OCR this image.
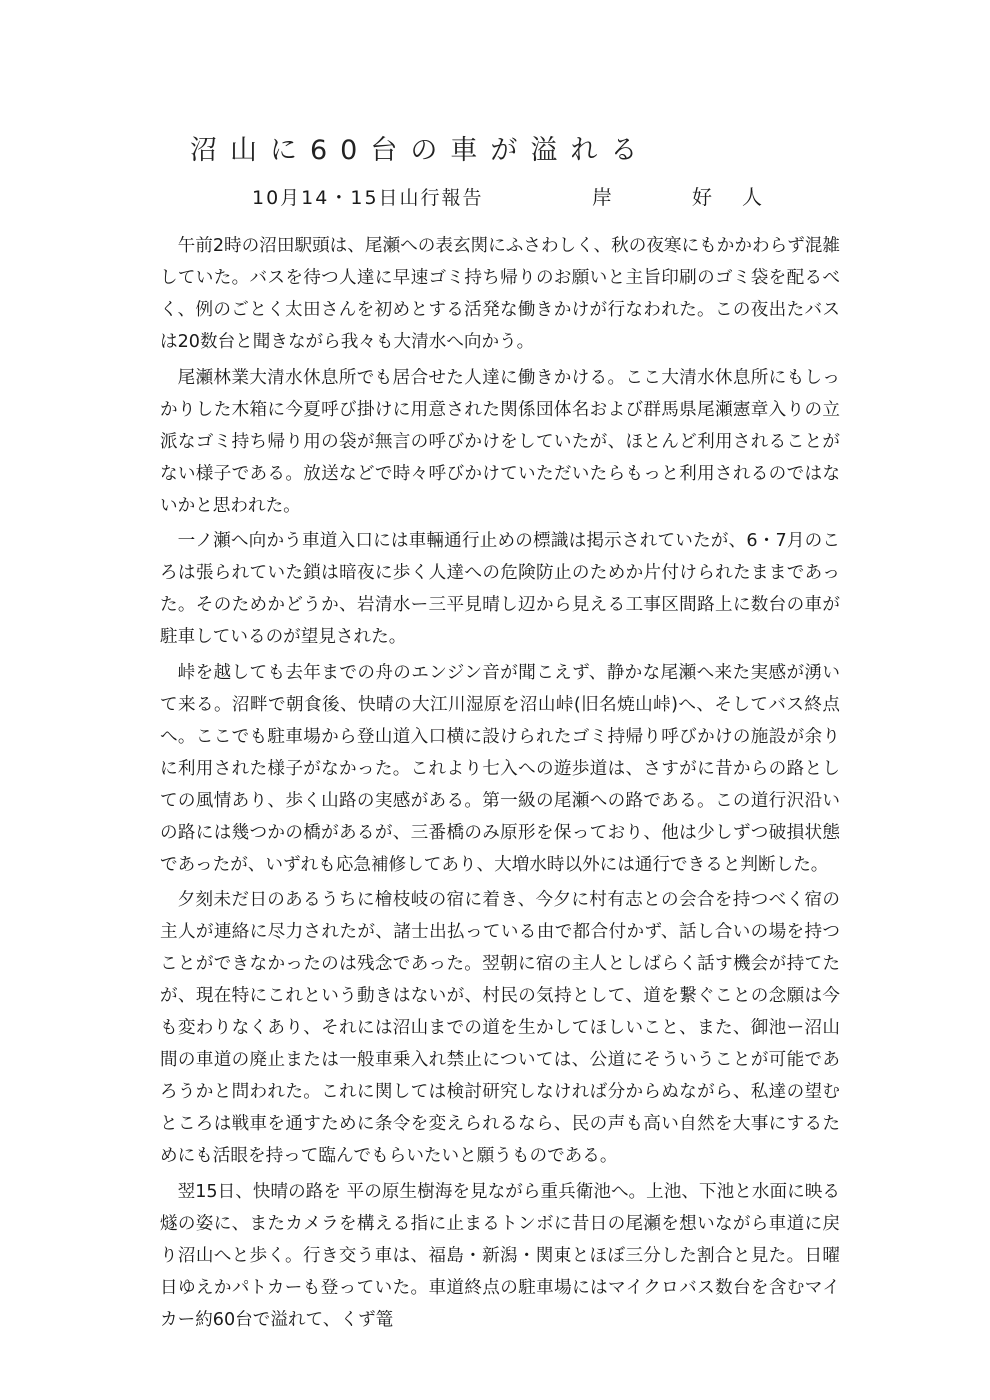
沼山に60台の車が溢れる
10月14・15日山行報告	岸　好人

午前2時の沼田駅頭は、尾瀬への表玄関にふさわしく、秋の夜寒にもかかわらず混雑していた。バスを待つ人達に早速ゴミ持ち帰りのお願いと主旨印刷のゴミ袋を配るべく、例のごとく太田さんを初めとする活発な働きかけが行なわれた。この夜出たバスは20数台と聞きながら我々も大清水へ向かう。

尾瀬林業大清水休息所でも居合せた人達に働きかける。ここ大清水休息所にもしっかりした木箱に今夏呼び掛けに用意された関係団体名および群馬県尾瀬憲章入りの立派なゴミ持ち帰り用の袋が無言の呼びかけをしていたが、ほとんど利用されることがない様子である。放送などで時々呼びかけていただいたらもっと利用されるのではないかと思われた。

一ノ瀬へ向かう車道入口には車輛通行止めの標識は掲示されていたが、6・7月のころは張られていた鎖は暗夜に歩く人達への危険防止のためか片付けられたままであった。そのためかどうか、岩清水ー三平見晴し辺から見える工事区間路上に数台の車が駐車しているのが望見された。

峠を越しても去年までの舟のエンジン音が聞こえず、静かな尾瀬へ来た実感が湧いて来る。沼畔で朝食後、快晴の大江川湿原を沼山峠(旧名焼山峠)へ、そしてバス終点へ。ここでも駐車場から登山道入口横に設けられたゴミ持帰り呼びかけの施設が余りに利用された様子がなかった。これより七入への遊歩道は、さすがに昔からの路としての風情あり、歩く山路の実感がある。第一級の尾瀬への路である。この道行沢沿いの路には幾つかの橋があるが、三番橋のみ原形を保っており、他は少しずつ破損状態であったが、いずれも応急補修してあり、大増水時以外には通行できると判断した。

夕刻未だ日のあるうちに檜枝岐の宿に着き、今夕に村有志との会合を持つべく宿の主人が連絡に尽力されたが、諸士出払っている由で都合付かず、話し合いの場を持つことができなかったのは残念であった。翌朝に宿の主人としばらく話す機会が持てたが、現在特にこれという動きはないが、村民の気持として、道を繋ぐことの念願は今も変わりなくあり、それには沼山までの道を生かしてほしいこと、また、御池ー沼山間の車道の廃止または一般車乗入れ禁止については、公道にそういうことが可能であろうかと問われた。これに関しては検討研究しなければ分からぬながら、私達の望むところは戦車を通すために条令を変えられるなら、民の声も高い自然を大事にするためにも活眼を持って臨んでもらいたいと願うものである。

翌15日、快晴の路を 平の原生樹海を見ながら重兵衛池へ。上池、下池と水面に映る燧の姿に、またカメラを構える指に止まるトンボに昔日の尾瀬を想いながら車道に戻り沼山へと歩く。行き交う車は、福島・新潟・関東とほぼ三分した割合と見た。日曜日ゆえかパトカーも登っていた。車道終点の駐車場にはマイクロバス数台を含むマイカー約60台で溢れて、くず篭
